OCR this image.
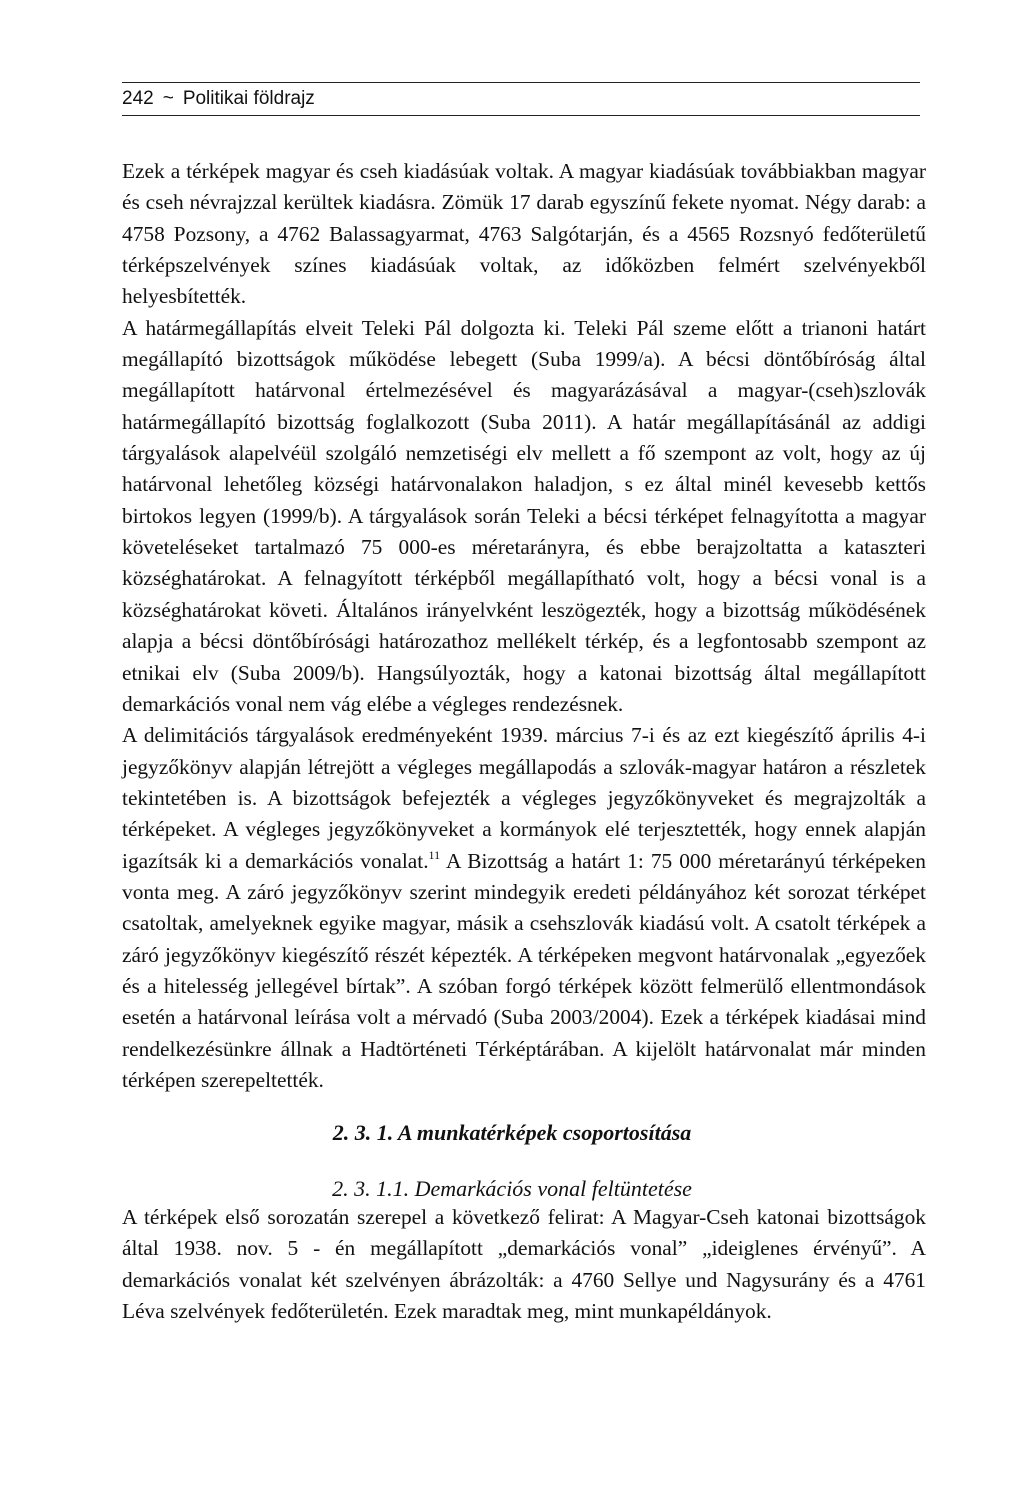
242 ~ Politikai földrajz

Ezek a térképek magyar és cseh kiadásúak voltak. A magyar kiadásúak továbbiakban magyar és cseh névrajzzal kerültek kiadásra. Zömük 17 darab egyszínű fekete nyomat. Négy darab: a 4758 Pozsony, a 4762 Balassagyarmat, 4763 Salgótarján, és a 4565 Rozsnyó fedőterületű térképszelvények színes kiadásúak voltak, az időközben felmért szelvényekből helyesbítették.

A határmegállapítás elveit Teleki Pál dolgozta ki. Teleki Pál szeme előtt a trianoni határt megállapító bizottságok működése lebegett (Suba 1999/a). A bécsi döntőbíróság által megállapított határvonal értelmezésével és magyarázásával a magyar-(cseh)szlovák határmegállapító bizottság foglalkozott (Suba 2011). A határ megállapításánál az addigi tárgyalások alapelvéül szolgáló nemzetiségi elv mellett a fő szempont az volt, hogy az új határvonal lehetőleg községi határvonalakon haladjon, s ez által minél kevesebb kettős birtokos legyen (1999/b). A tárgyalások során Teleki a bécsi térképet felnagyította a magyar követeléseket tartalmazó 75 000-es méretarányra, és ebbe berajzoltatta a kataszteri községhatárokat. A felnagyított térképből megállapítható volt, hogy a bécsi vonal is a községhatárokat követi. Általános irányelvként leszögezték, hogy a bizottság működésének alapja a bécsi döntőbírósági határozathoz mellékelt térkép, és a legfontosabb szempont az etnikai elv (Suba 2009/b). Hangsúlyozták, hogy a katonai bizottság által megállapított demarkációs vonal nem vág elébe a végleges rendezésnek.

A delimitációs tárgyalások eredményeként 1939. március 7-i és az ezt kiegészítő április 4-i jegyzőkönyv alapján létrejött a végleges megállapodás a szlovák-magyar határon a részletek tekintetében is. A bizottságok befejezték a végleges jegyzőkönyveket és megrajzolták a térképeket. A végleges jegyzőkönyveket a kormányok elé terjesztették, hogy ennek alapján igazítsák ki a demarkációs vonalat.$^{11}$ A Bizottság a határt 1: 75 000 méretarányú térképeken vonta meg. A záró jegyzőkönyv szerint mindegyik eredeti példányához két sorozat térképet csatoltak, amelyeknek egyike magyar, másik a csehszlovák kiadású volt. A csatolt térképek a záró jegyzőkönyv kiegészítő részét képezték. A térképeken megvont határvonalak „egyezőek és a hitelesség jellegével bírtak”. A szóban forgó térképek között felmerülő ellentmondások esetén a határvonal leírása volt a mérvadó (Suba 2003/2004). Ezek a térképek kiadásai mind rendelkezésünkre állnak a Hadtörténeti Térképtárában. A kijelölt határvonalat már minden térképen szerepeltették.

2. 3. 1. A munkatérképek csoportosítása
2. 3. 1.1. Demarkációs vonal feltüntetése

A térképek első sorozatán szerepel a következő felirat: A Magyar-Cseh katonai bizottságok által 1938. nov. 5 - én megállapított „demarkációs vonal” „ideiglenes érvényű”. A demarkációs vonalat két szelvényen ábrázolták: a 4760 Sellye und Nagysurány és a 4761 Léva szelvények fedőterületén. Ezek maradtak meg, mint munkapéldányok.
